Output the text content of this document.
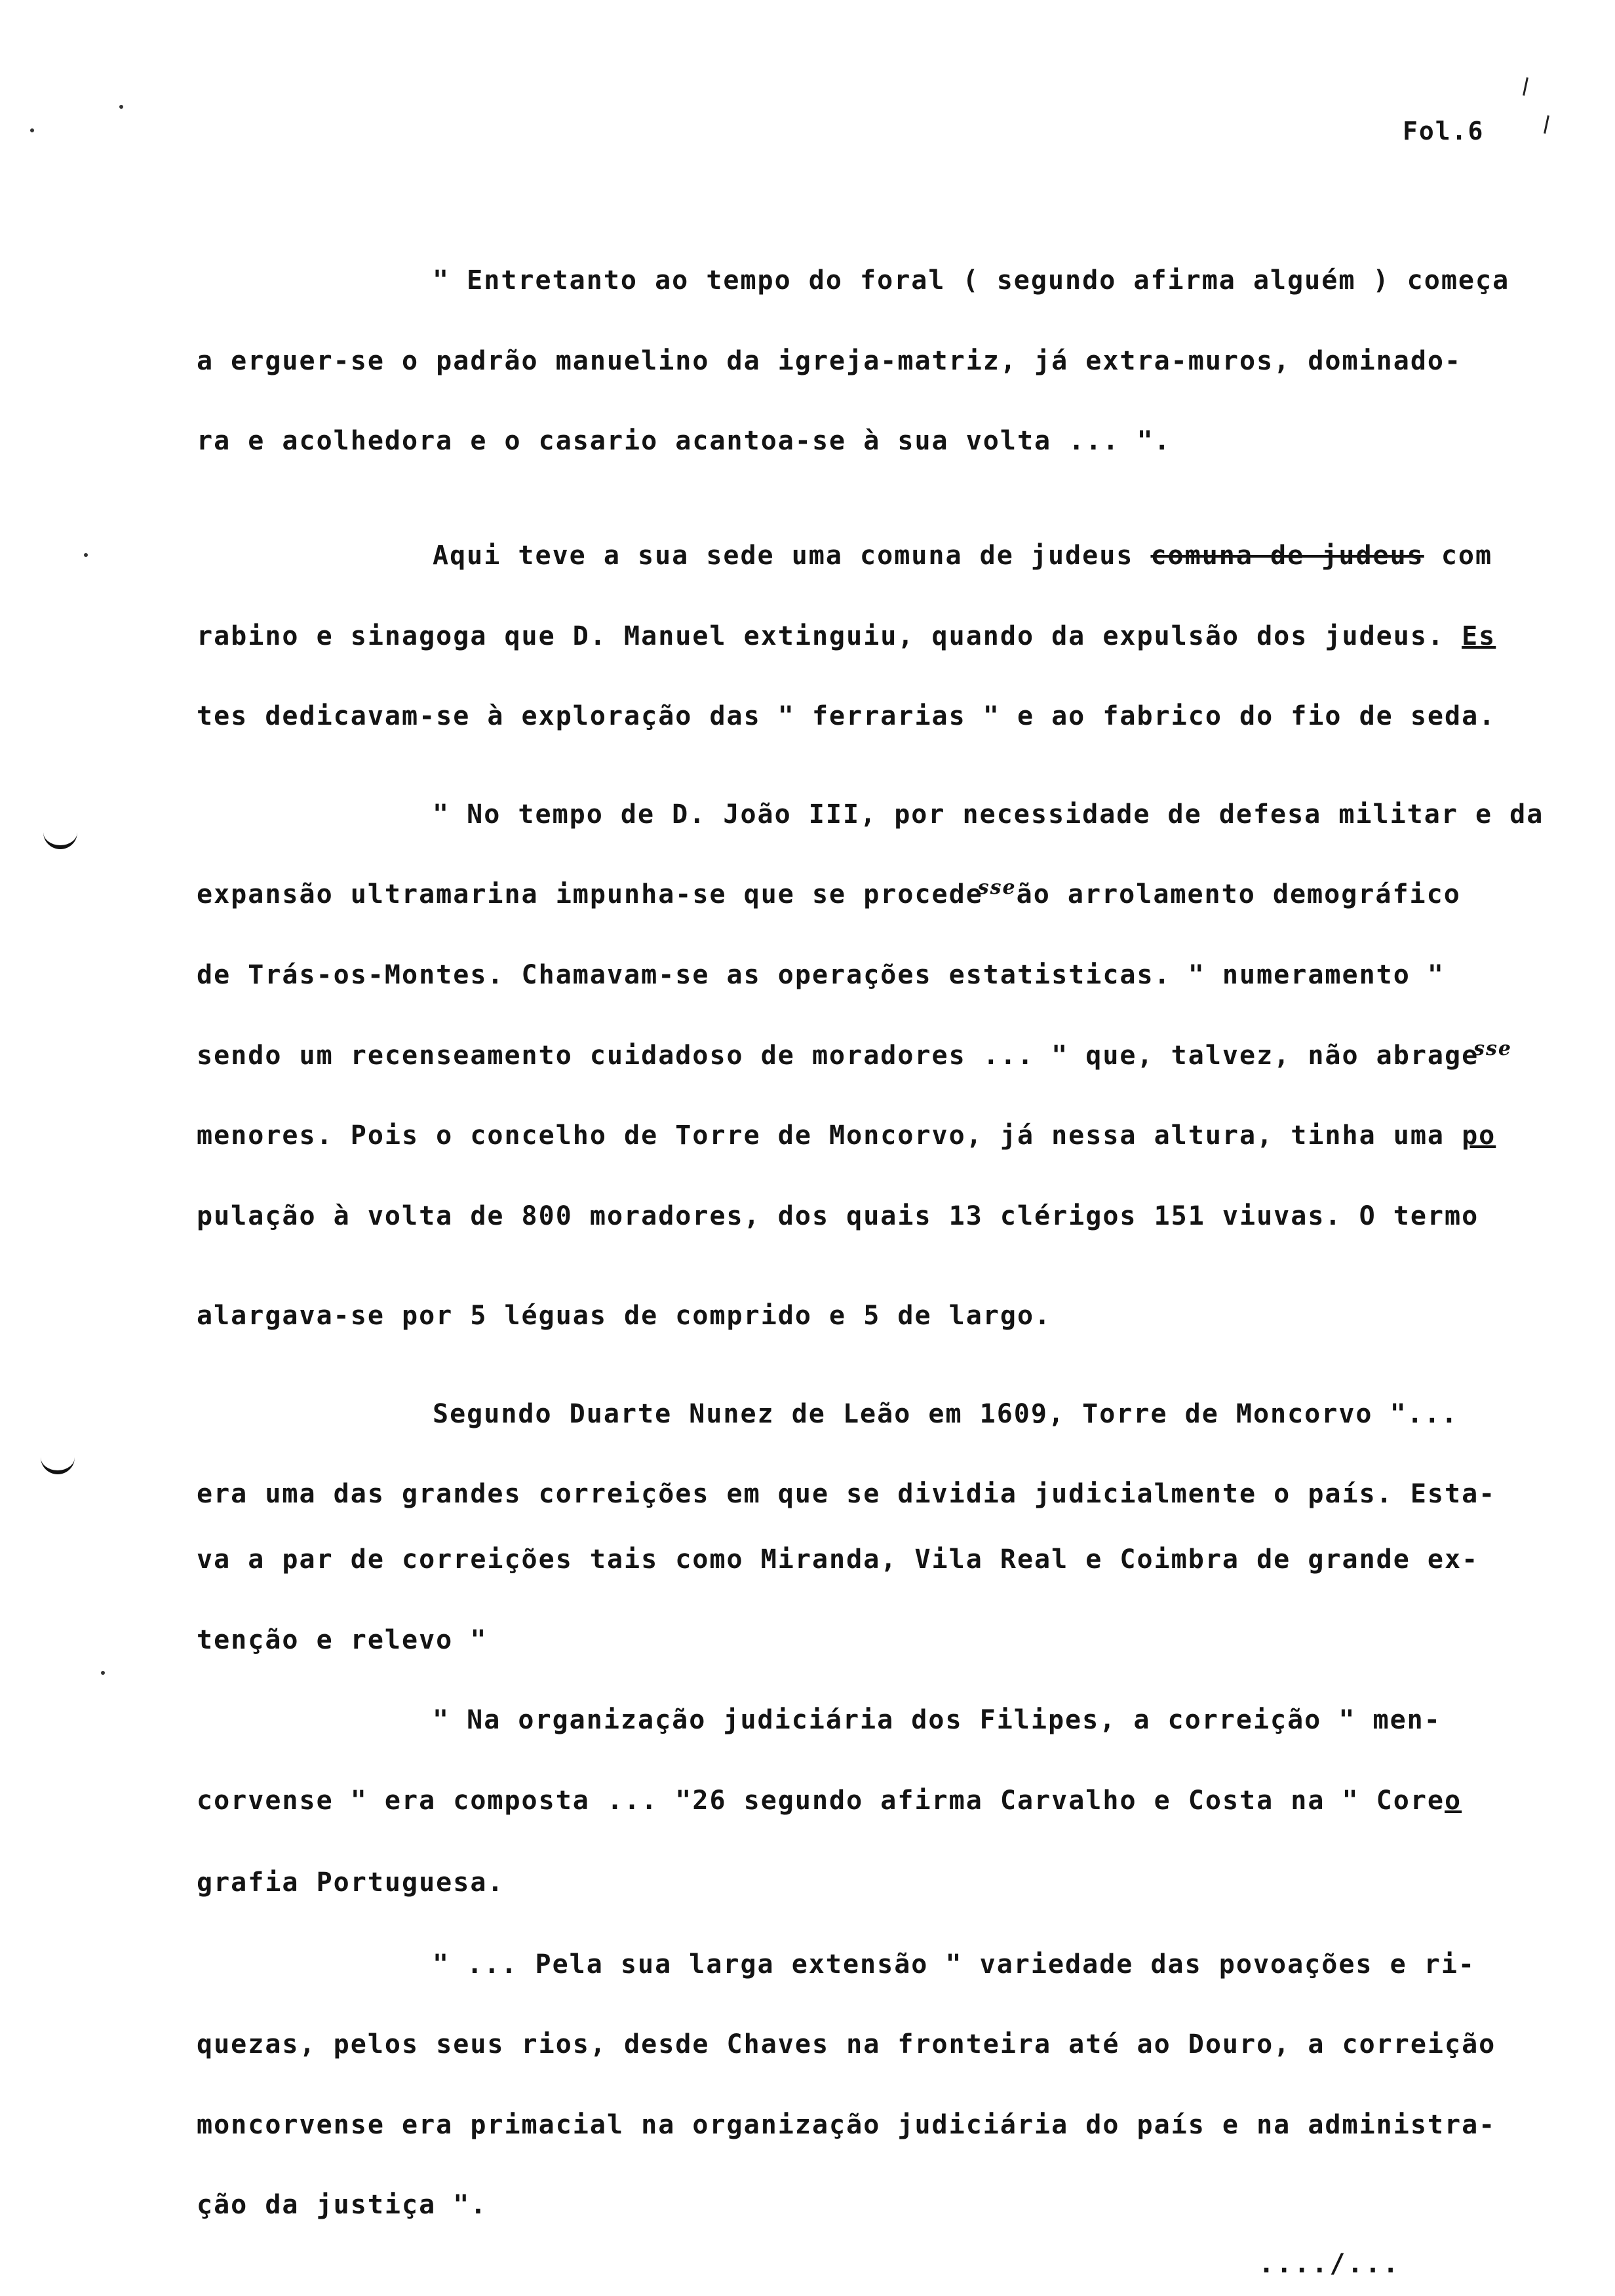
Fol.6
" Entretanto ao tempo do foral ( segundo afirma alguém ) começa
a erguer-se o padrão manuelino da igreja-matriz, já extra-muros, dominado-
ra e acolhedora e o casario acantoa-se à sua volta ... ".
Aqui teve a sua sede uma comuna de judeus comuna de judeus com
rabino e sinagoga que D. Manuel extinguiu, quando da expulsão dos judeus. Es
tes dedicavam-se à exploração das " ferrarias " e ao fabrico do fio de seda.
" No tempo de D. João III, por necessidade de defesa militar e da
expansão ultramarina impunha-se que se procede$^{sse}$ão arrolamento demográfico
de Trás-os-Montes. Chamavam-se as operações estatisticas. " numeramento "
sendo um recenseamento cuidadoso de moradores ... " que, talvez, não abrage$^{sse}$
menores. Pois o concelho de Torre de Moncorvo, já nessa altura, tinha uma po
pulação à volta de 800 moradores, dos quais 13 clérigos 151 viuvas. O termo
alargava-se por 5 léguas de comprido e 5 de largo.
Segundo Duarte Nunez de Leão em 1609, Torre de Moncorvo "...
era uma das grandes correições em que se dividia judicialmente o país. Esta-
va a par de correições tais como Miranda, Vila Real e Coimbra de grande ex-
tenção e relevo "
" Na organização judiciária dos Filipes, a correição " men-
corvense " era composta ... "26 segundo afirma Carvalho e Costa na " Coreo
grafia Portuguesa.
" ... Pela sua larga extensão " variedade das povoações e ri-
quezas, pelos seus rios, desde Chaves na fronteira até ao Douro, a correição
moncorvense era primacial na organização judiciária do país e na administra-
ção da justiça ".
..../...
